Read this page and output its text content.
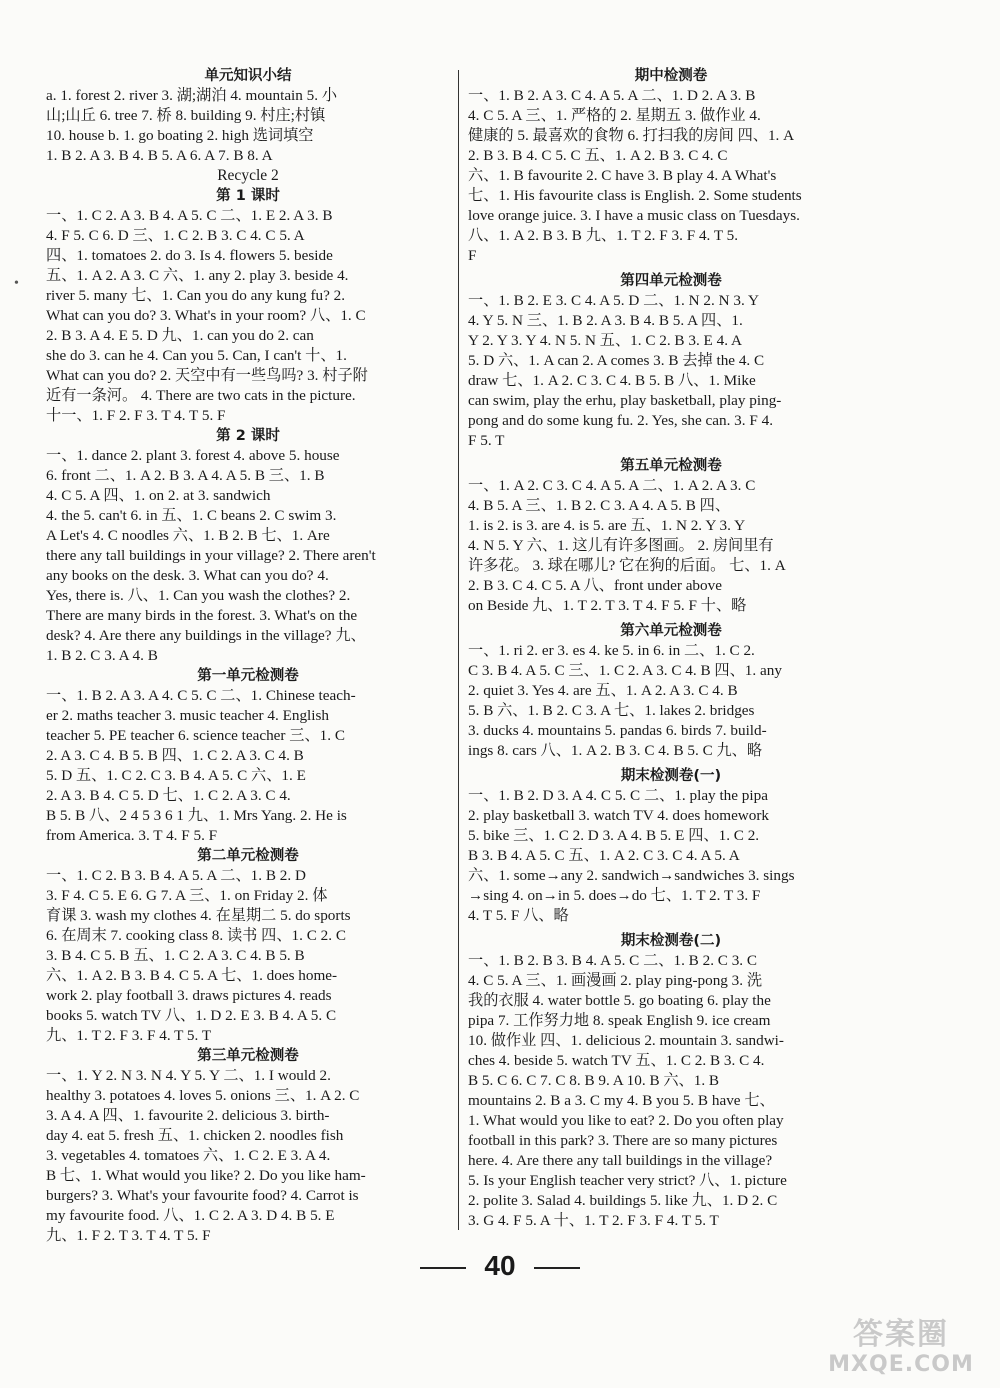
单元知识小结

a. 1. forest 2. river 3. 湖;湖泊 4. mountain 5. 小

山;山丘 6. tree 7. 桥 8. building 9. 村庄;村镇

10. house b. 1. go boating 2. high 选词填空

1. B 2. A 3. B 4. B 5. A 6. A 7. B 8. A

Recycle 2

第 1 课时

一、1. C 2. A 3. B 4. A 5. C 二、1. E 2. A 3. B

4. F 5. C 6. D 三、1. C 2. B 3. C 4. C 5. A

四、1. tomatoes 2. do 3. Is 4. flowers 5. beside

五、1. A 2. A 3. C 六、1. any 2. play 3. beside 4.

river 5. many 七、1. Can you do any kung fu? 2.

What can you do? 3. What's in your room? 八、1. C

2. B 3. A 4. E 5. D 九、1. can you do 2. can

she do 3. can he 4. Can you 5. Can, I can't 十、1.

What can you do? 2. 天空中有一些鸟吗? 3. 村子附

近有一条河。 4. There are two cats in the picture.

十一、1. F 2. F 3. T 4. T 5. F

第 2 课时

一、1. dance 2. plant 3. forest 4. above 5. house

6. front 二、1. A 2. B 3. A 4. A 5. B 三、1. B

4. C 5. A 四、1. on 2. at 3. sandwich

4. the 5. can't 6. in 五、1. C beans 2. C swim 3.

A Let's 4. C noodles 六、1. B 2. B 七、1. Are

there any tall buildings in your village? 2. There aren't

any books on the desk. 3. What can you do? 4.

Yes, there is. 八、1. Can you wash the clothes? 2.

There are many birds in the forest. 3. What's on the

desk? 4. Are there any buildings in the village? 九、

1. B 2. C 3. A 4. B

第一单元检测卷

一、1. B 2. A 3. A 4. C 5. C 二、1. Chinese teach-

er 2. maths teacher 3. music teacher 4. English

teacher 5. PE teacher 6. science teacher 三、1. C

2. A 3. C 4. B 5. B 四、1. C 2. A 3. C 4. B

5. D 五、1. C 2. C 3. B 4. A 5. C 六、1. E

2. A 3. B 4. C 5. D 七、1. C 2. A 3. C 4.

B 5. B 八、2 4 5 3 6 1 九、1. Mrs Yang. 2. He is

from America. 3. T 4. F 5. F

第二单元检测卷

一、1. C 2. B 3. B 4. A 5. A 二、1. B 2. D

3. F 4. C 5. E 6. G 7. A 三、1. on Friday 2. 体

育课 3. wash my clothes 4. 在星期二 5. do sports

6. 在周末 7. cooking class 8. 读书 四、1. C 2. C

3. B 4. C 5. B 五、1. C 2. A 3. C 4. B 5. B

六、1. A 2. B 3. B 4. C 5. A 七、1. does home-

work 2. play football 3. draws pictures 4. reads

books 5. watch TV 八、1. D 2. E 3. B 4. A 5. C

九、1. T 2. F 3. F 4. T 5. T

第三单元检测卷

一、1. Y 2. N 3. N 4. Y 5. Y 二、1. I would 2.

healthy 3. potatoes 4. loves 5. onions 三、1. A 2. C

3. A 4. A 四、1. favourite 2. delicious 3. birth-

day 4. eat 5. fresh 五、1. chicken 2. noodles fish

3. vegetables 4. tomatoes 六、1. C 2. E 3. A 4.

B 七、1. What would you like? 2. Do you like ham-

burgers? 3. What's your favourite food? 4. Carrot is

my favourite food. 八、1. C 2. A 3. D 4. B 5. E

九、1. F 2. T 3. T 4. T 5. F

期中检测卷

一、1. B 2. A 3. C 4. A 5. A 二、1. D 2. A 3. B

4. C 5. A 三、1. 严格的 2. 星期五 3. 做作业 4.

健康的 5. 最喜欢的食物 6. 打扫我的房间 四、1. A

2. B 3. B 4. C 5. C 五、1. A 2. B 3. C 4. C

六、1. B favourite 2. C have 3. B play 4. A What's

七、1. His favourite class is English. 2. Some students

love orange juice. 3. I have a music class on Tuesdays.

八、1. A 2. B 3. B 九、1. T 2. F 3. F 4. T 5.

F

第四单元检测卷

一、1. B 2. E 3. C 4. A 5. D 二、1. N 2. N 3. Y

4. Y 5. N 三、1. B 2. A 3. B 4. B 5. A 四、1.

Y 2. Y 3. Y 4. N 5. N 五、1. C 2. B 3. E 4. A

5. D 六、1. A can 2. A comes 3. B 去掉 the 4. C

draw 七、1. A 2. C 3. C 4. B 5. B 八、1. Mike

can swim, play the erhu, play basketball, play ping-

pong and do some kung fu. 2. Yes, she can. 3. F 4.

F 5. T

第五单元检测卷

一、1. A 2. C 3. C 4. A 5. A 二、1. A 2. A 3. C

4. B 5. A 三、1. B 2. C 3. A 4. A 5. B 四、

1. is 2. is 3. are 4. is 5. are 五、1. N 2. Y 3. Y

4. N 5. Y 六、1. 这儿有许多图画。 2. 房间里有

许多花。 3. 球在哪儿? 它在狗的后面。 七、1. A

2. B 3. C 4. C 5. A 八、front under above

on Beside 九、1. T 2. T 3. T 4. F 5. F 十、略

第六单元检测卷

一、1. ri 2. er 3. es 4. ke 5. in 6. in 二、1. C 2.

C 3. B 4. A 5. C 三、1. C 2. A 3. C 4. B 四、1. any

2. quiet 3. Yes 4. are 五、1. A 2. A 3. C 4. B

5. B 六、1. B 2. C 3. A 七、1. lakes 2. bridges

3. ducks 4. mountains 5. pandas 6. birds 7. build-

ings 8. cars 八、1. A 2. B 3. C 4. B 5. C 九、略

期末检测卷(一)

一、1. B 2. D 3. A 4. C 5. C 二、1. play the pipa

2. play basketball 3. watch TV 4. does homework

5. bike 三、1. C 2. D 3. A 4. B 5. E 四、1. C 2.

B 3. B 4. A 5. C 五、1. A 2. C 3. C 4. A 5. A

六、1. some→any 2. sandwich→sandwiches 3. sings

→sing 4. on→in 5. does→do 七、1. T 2. T 3. F

4. T 5. F 八、略

期末检测卷(二)

一、1. B 2. B 3. B 4. A 5. C 二、1. B 2. C 3. C

4. C 5. A 三、1. 画漫画 2. play ping-pong 3. 洗

我的衣服 4. water bottle 5. go boating 6. play the

pipa 7. 工作努力地 8. speak English 9. ice cream

10. 做作业 四、1. delicious 2. mountain 3. sandwi-

ches 4. beside 5. watch TV 五、1. C 2. B 3. C 4.

B 5. C 6. C 7. C 8. B 9. A 10. B 六、1. B

mountains 2. B a 3. C my 4. B you 5. B have 七、

1. What would you like to eat? 2. Do you often play

football in this park? 3. There are so many pictures

here. 4. Are there any tall buildings in the village?

5. Is your English teacher very strict? 八、1. picture

2. polite 3. Salad 4. buildings 5. like 九、1. D 2. C

3. G 4. F 5. A 十、1. T 2. F 3. F 4. T 5. T

•
40
答案圈
MXQE.COM
